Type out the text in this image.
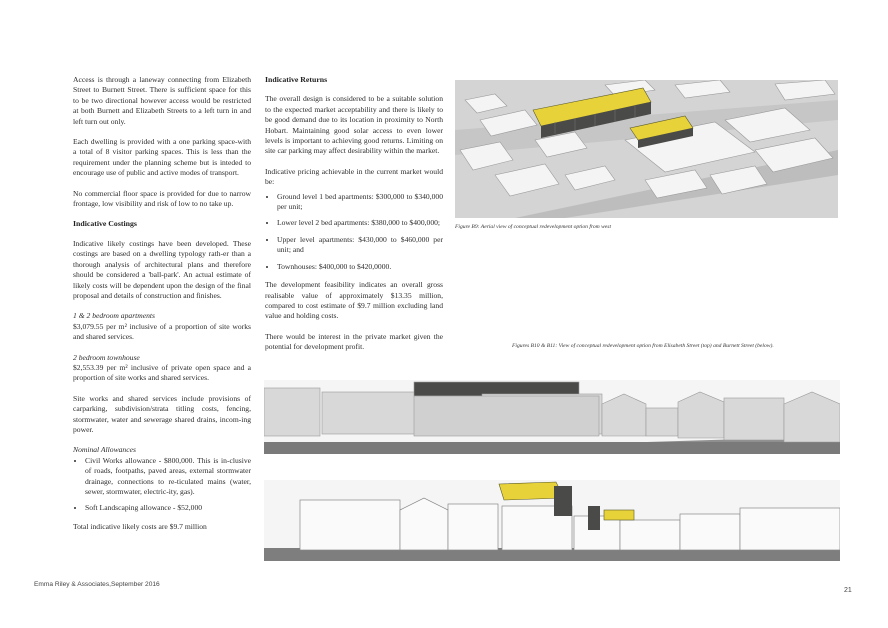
Access is through a laneway connecting from Elizabeth Street to Burnett Street. There is sufficient space for this to be two directional however access would be restricted at both Burnett and Elizabeth Streets to a left turn in and left turn out only.

Each dwelling is provided with a one parking space-with a total of 8 visitor parking spaces. This is less than the requirement under the planning scheme but is inteded to encourage use of public and active modes of transport.

No commercial floor space is provided for due to narrow frontage, low visibility and risk of low to no take up.

Indicative Costings

Indicative likely costings have been developed. These costings are based on a dwelling typology rath-er than a thorough analysis of architectural plans and therefore should be considered a 'ball-park'. An actual estimate of likely costs will be dependent upon the design of the final proposal and details of construction and finishes.

1 & 2 bedroom apartments

$3,079.55 per m² inclusive of a proportion of site works and shared services.

2 bedroom townhouse

$2,553.39 per m² inclusive of private open space and a proportion of site works and shared services.

Site works and shared services include provisions of carparking, subdivision/strata titling costs, fencing, stormwater, water and sewerage shared drains, incom-ing power.

Nominal Allowances
• Civil Works allowance - $800,000. This is in-clusive of roads, footpaths, paved areas, external stormwater drainage, connections to re-ticulated mains (water, sewer, stormwater, electric-ity, gas).
• Soft Landscaping allowance - $52,000

Total indicative likely costs are $9.7 million

Indicative Returns

The overall design is considered to be a suitable solution to the expected market acceptability and there is likely to be good demand due to its location in proximity to North Hobart. Maintaining good solar access to even lower levels is important to achieving good returns. Limiting on site car parking may affect desirability within the market.

Indicative pricing achievable in the current market would be:

• Ground level 1 bed apartments: $300,000 to $340,000 per unit;
• Lower level 2 bed apartments: $380,000 to $400,000;
• Upper level apartments: $430,000 to $460,000 per unit; and
• Townhouses: $400,000 to $420,0000.

The development feasibility indicates an overall gross realisable value of approximately $13.35 million, compared to cost estimate of $9.7 million excluding land value and holding costs.

There would be interest in the private market given the potential for development profit.

Figure B9: Aerial view of conceptual redevelopment option from west
Figures B10 & B11: View of conceptual redevelopment option from Elisabeth Street (top) and Burnett Street (below).
Emma Riley & Associates,September 2016
21
